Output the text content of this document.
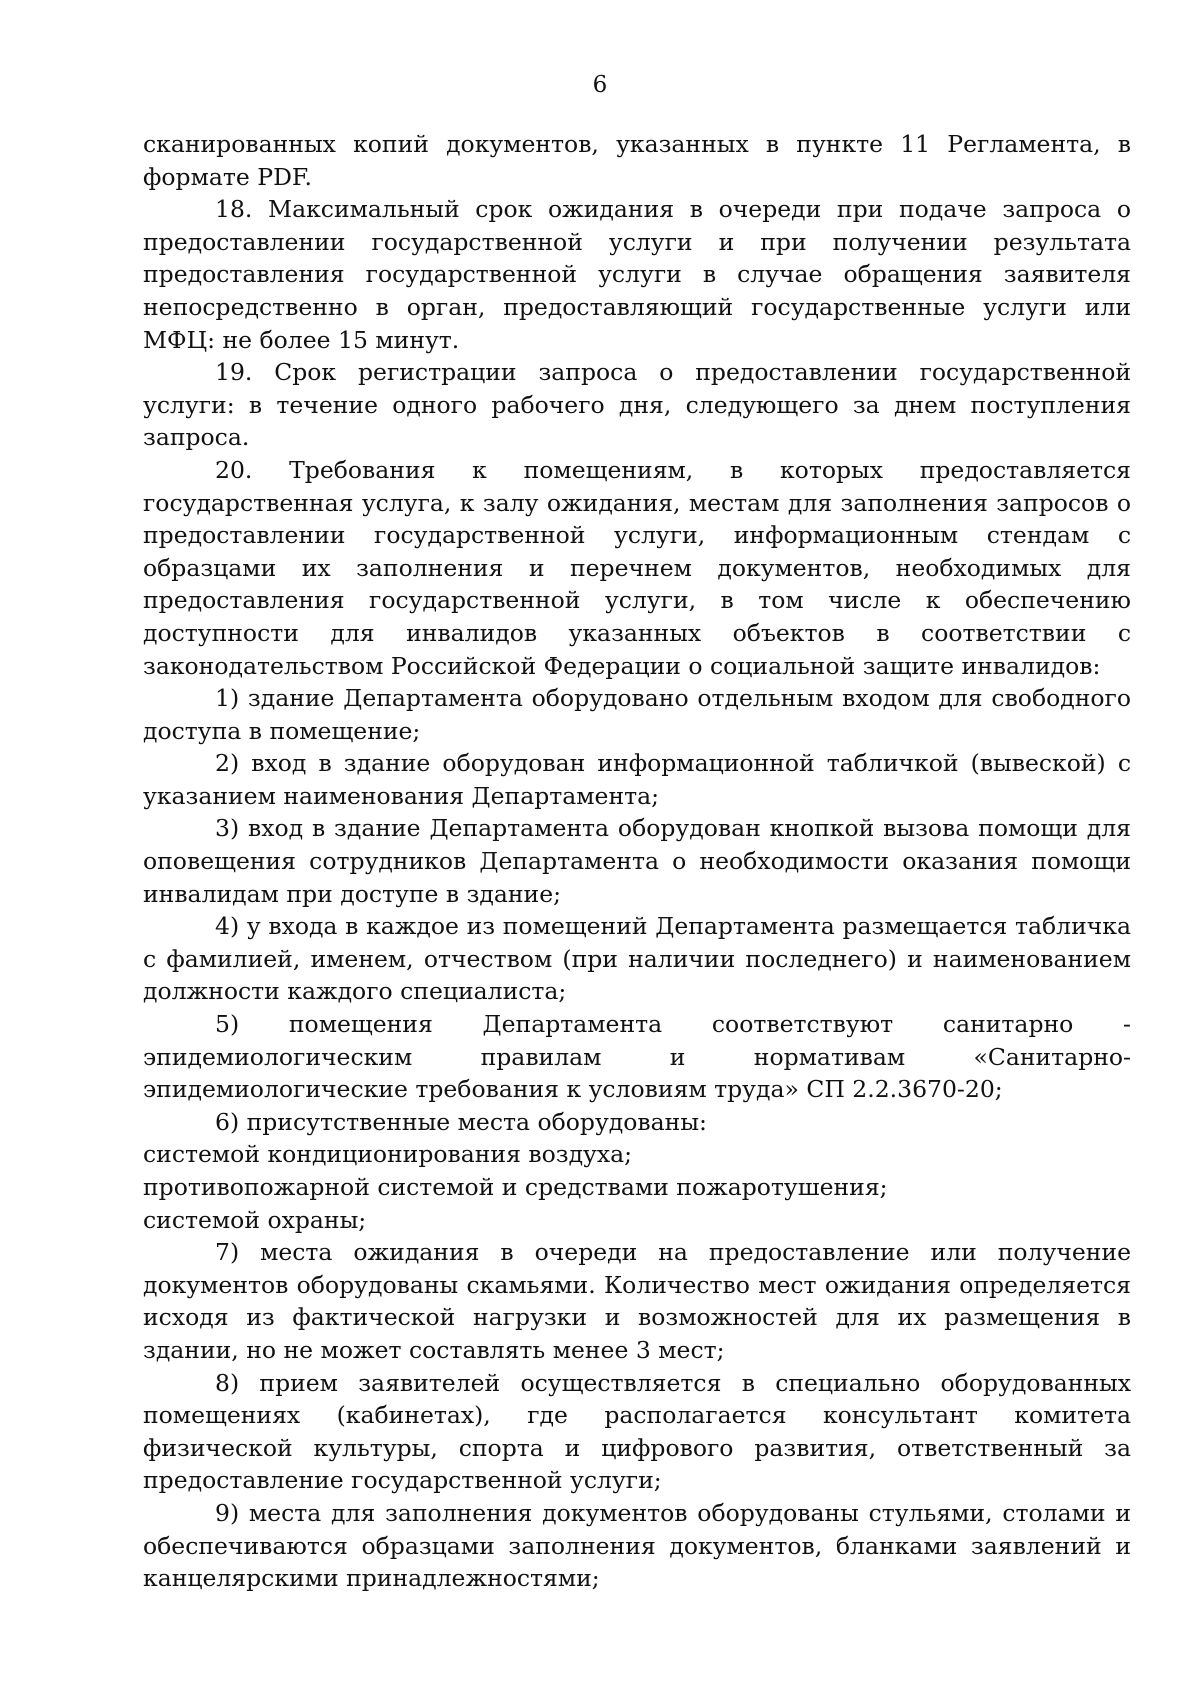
6

сканированных копий документов, указанных в пункте 11 Регламента, в формате PDF.

18. Максимальный срок ожидания в очереди при подаче запроса о предоставлении государственной услуги и при получении результата предоставления государственной услуги в случае обращения заявителя непосредственно в орган, предоставляющий государственные услуги или МФЦ: не более 15 минут.

19. Срок регистрации запроса о предоставлении государственной услуги: в течение одного рабочего дня, следующего за днем поступления запроса.

20. Требования к помещениям, в которых предоставляется государственная услуга, к залу ожидания, местам для заполнения запросов о предоставлении государственной услуги, информационным стендам с образцами их заполнения и перечнем документов, необходимых для предоставления государственной услуги, в том числе к обеспечению доступности для инвалидов указанных объектов в соответствии с законодательством Российской Федерации о социальной защите инвалидов:

1) здание Департамента оборудовано отдельным входом для свободного доступа в помещение;

2) вход в здание оборудован информационной табличкой (вывеской) с указанием наименования Департамента;

3) вход в здание Департамента оборудован кнопкой вызова помощи для оповещения сотрудников Департамента о необходимости оказания помощи инвалидам при доступе в здание;

4) у входа в каждое из помещений Департамента размещается табличка с фамилией, именем, отчеством (при наличии последнего) и наименованием должности каждого специалиста;

5) помещения Департамента соответствуют санитарно - эпидемиологическим правилам и нормативам «Санитарно-эпидемиологические требования к условиям труда» СП 2.2.3670-20;

6) присутственные места оборудованы:

системой кондиционирования воздуха;

противопожарной системой и средствами пожаротушения;

системой охраны;

7) места ожидания в очереди на предоставление или получение документов оборудованы скамьями. Количество мест ожидания определяется исходя из фактической нагрузки и возможностей для их размещения в здании, но не может составлять менее 3 мест;

8) прием заявителей осуществляется в специально оборудованных помещениях (кабинетах), где располагается консультант комитета физической культуры, спорта и цифрового развития, ответственный за предоставление государственной услуги;

9) места для заполнения документов оборудованы стульями, столами и обеспечиваются образцами заполнения документов, бланками заявлений и канцелярскими принадлежностями;
